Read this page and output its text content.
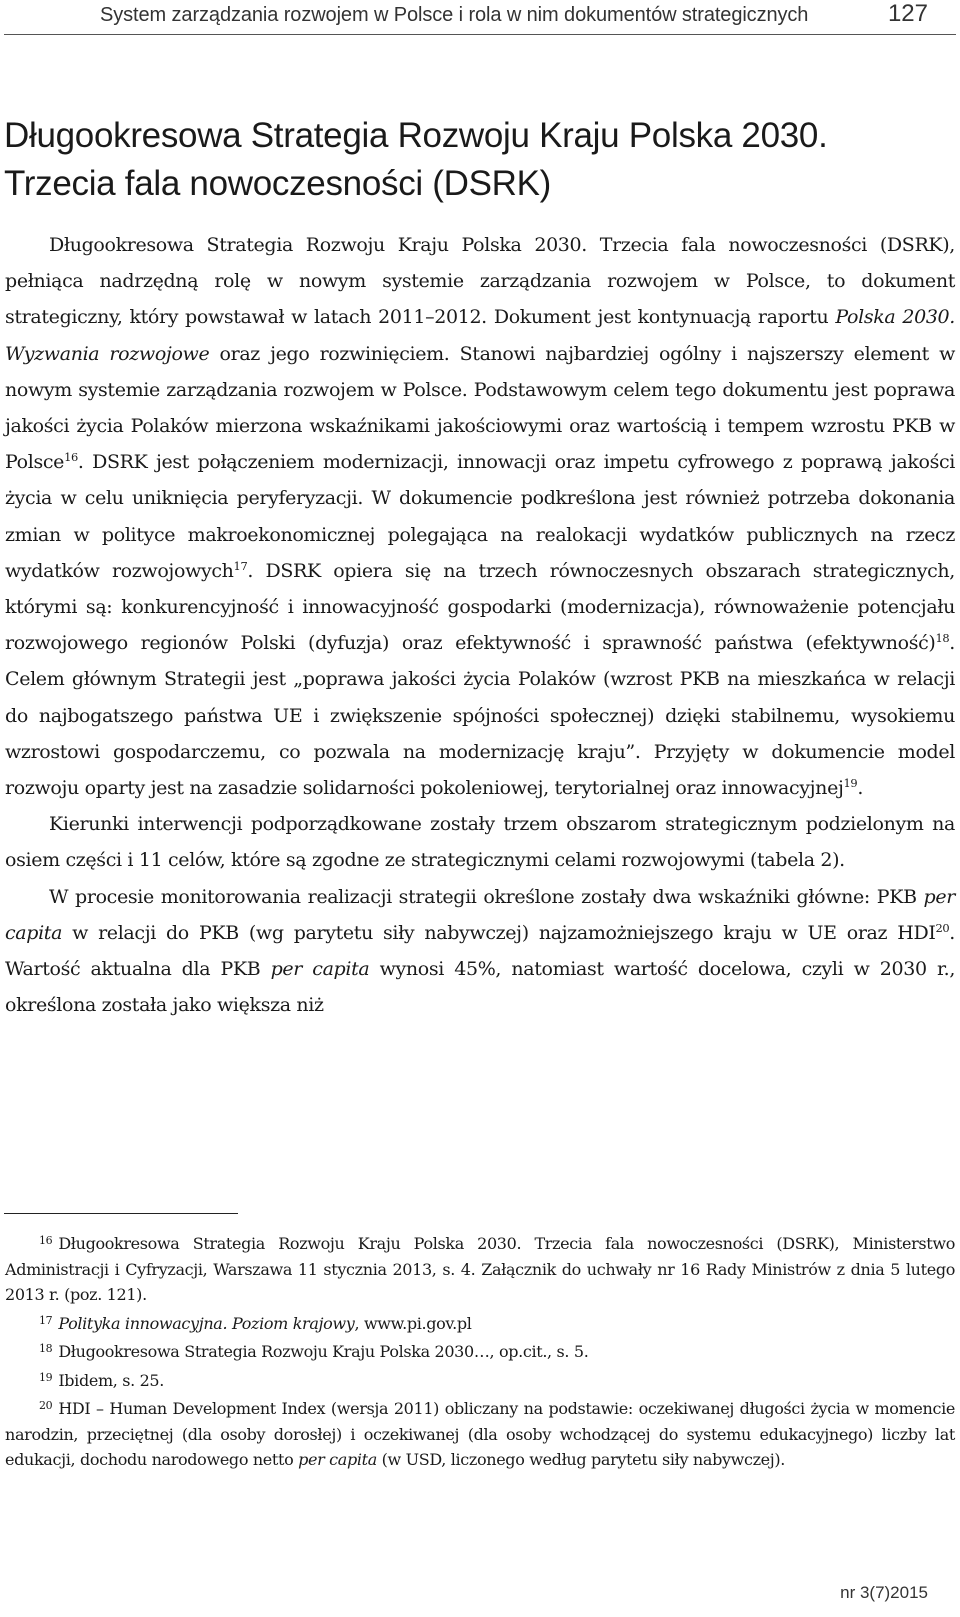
System zarządzania rozwojem w Polsce i rola w nim dokumentów strategicznych	127
Długookresowa Strategia Rozwoju Kraju Polska 2030.
Trzecia fala nowoczesności (DSRK)

Długookresowa Strategia Rozwoju Kraju Polska 2030. Trzecia fala nowoczesności (DSRK), pełniąca nadrzędną rolę w nowym systemie zarządzania rozwojem w Polsce, to dokument strategiczny, który powstawał w latach 2011–2012. Dokument jest kontynuacją raportu Polska 2030. Wyzwania rozwojowe oraz jego rozwinięciem. Stanowi najbardziej ogólny i najszerszy element w nowym systemie zarządzania rozwojem w Polsce. Podstawowym celem tego dokumentu jest poprawa jakości życia Polaków mierzona wskaźnikami jakościowymi oraz wartością i tempem wzrostu PKB w Polsce$^{16}$. DSRK jest połączeniem modernizacji, innowacji oraz impetu cyfrowego z poprawą jakości życia w celu uniknięcia peryferyzacji. W dokumencie podkreślona jest również potrzeba dokonania zmian w polityce makroekonomicznej polegająca na realokacji wydatków publicznych na rzecz wydatków rozwojowych$^{17}$. DSRK opiera się na trzech równoczesnych obszarach strategicznych, którymi są: konkurencyjność i innowacyjność gospodarki (modernizacja), równoważenie potencjału rozwojowego regionów Polski (dyfuzja) oraz efektywność i sprawność państwa (efektywność)$^{18}$. Celem głównym Strategii jest „poprawa jakości życia Polaków (wzrost PKB na mieszkańca w relacji do najbogatszego państwa UE i zwiększenie spójności społecznej) dzięki stabilnemu, wysokiemu wzrostowi gospodarczemu, co pozwala na modernizację kraju”. Przyjęty w dokumencie model rozwoju oparty jest na zasadzie solidarności pokoleniowej, terytorialnej oraz innowacyjnej$^{19}$.

Kierunki interwencji podporządkowane zostały trzem obszarom strategicznym podzielonym na osiem części i 11 celów, które są zgodne ze strategicznymi celami rozwojowymi (tabela 2).

W procesie monitorowania realizacji strategii określone zostały dwa wskaźniki główne: PKB per capita w relacji do PKB (wg parytetu siły nabywczej) najzamożniejszego kraju w UE oraz HDI$^{20}$. Wartość aktualna dla PKB per capita wynosi 45%, natomiast wartość docelowa, czyli w 2030 r., określona została jako większa niż

$^{16}$ Długookresowa Strategia Rozwoju Kraju Polska 2030. Trzecia fala nowoczesności (DSRK), Ministerstwo Administracji i Cyfryzacji, Warszawa 11 stycznia 2013, s. 4. Załącznik do uchwały nr 16 Rady Ministrów z dnia 5 lutego 2013 r. (poz. 121).

$^{17}$ Polityka innowacyjna. Poziom krajowy, www.pi.gov.pl

$^{18}$ Długookresowa Strategia Rozwoju Kraju Polska 2030…, op.cit., s. 5.

$^{19}$ Ibidem, s. 25.

$^{20}$ HDI – Human Development Index (wersja 2011) obliczany na podstawie: oczekiwanej długości życia w momencie narodzin, przeciętnej (dla osoby dorosłej) i oczekiwanej (dla osoby wchodzącej do systemu edukacyjnego) liczby lat edukacji, dochodu narodowego netto per capita (w USD, liczonego według parytetu siły nabywczej).

nr 3(7)2015
